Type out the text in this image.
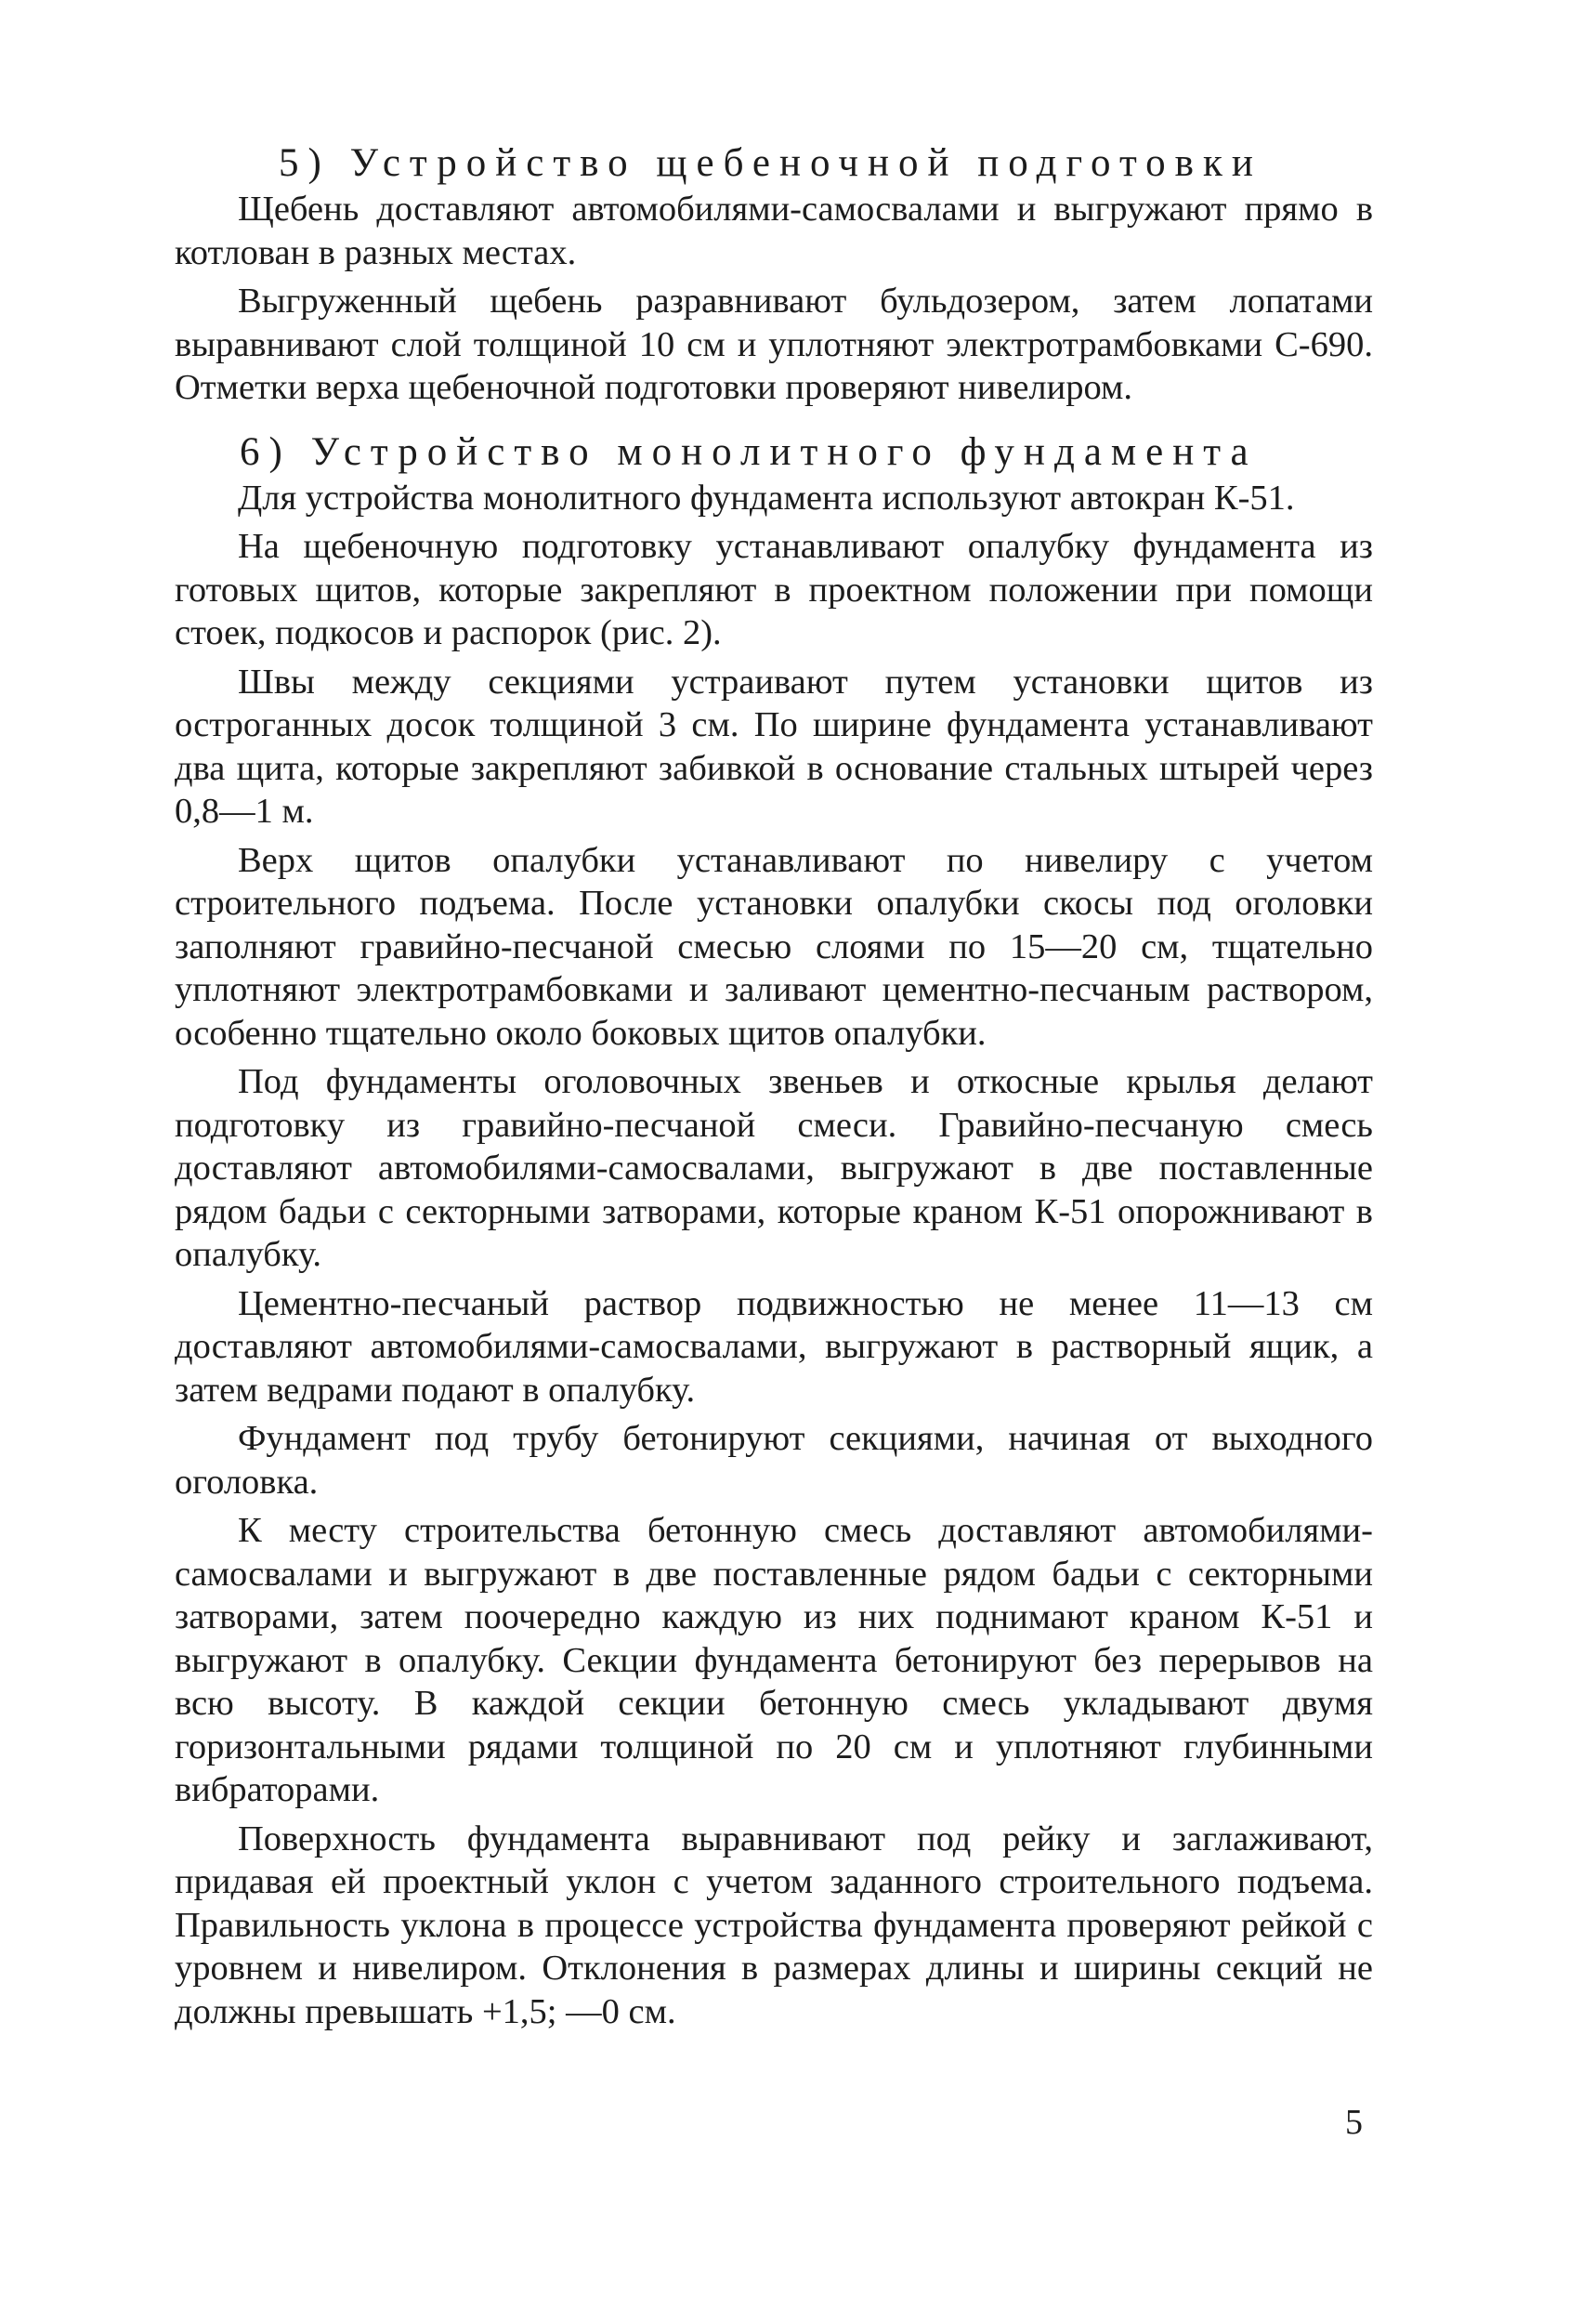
5) Устройство щебеночной подготовки

Щебень доставляют автомобилями-самосвалами и выгружают прямо в котлован в разных местах.

Выгруженный щебень разравнивают бульдозером, затем лопатами выравнивают слой толщиной 10 см и уплотняют электротрамбовками С-690. Отметки верха щебеночной подготовки проверяют нивелиром.

6) Устройство монолитного фундамента

Для устройства монолитного фундамента используют автокран К-51.

На щебеночную подготовку устанавливают опалубку фундамента из готовых щитов, которые закрепляют в проектном положении при помощи стоек, подкосов и распорок (рис. 2).

Швы между секциями устраивают путем установки щитов из острoганных досок толщиной 3 см. По ширине фундамента устанавливают два щита, которые закрепляют забивкой в основание стальных штырей через 0,8—1 м.

Верх щитов опалубки устанавливают по нивелиру с учетом строительного подъема. После установки опалубки скосы под оголовки заполняют гравийно-песчаной смесью слоями по 15—20 см, тщательно уплотняют электротрамбовками и заливают цементно-песчаным раствором, особенно тщательно около боковых щитов опалубки.

Под фундаменты оголовочных звеньев и откосные крылья делают подготовку из гравийно-песчаной смеси. Гравийно-песчаную смесь доставляют автомобилями-самосвалами, выгружают в две поставленные рядом бадьи с секторными затворами, которые краном К-51 опорожнивают в опалубку.

Цементно-песчаный раствор подвижностью не менее 11—13 см доставляют автомобилями-самосвалами, выгружают в растворный ящик, а затем ведрами подают в опалубку.

Фундамент под трубу бетонируют секциями, начиная от выходного оголовка.

К месту строительства бетонную смесь доставляют автомобилями-самосвалами и выгружают в две поставленные рядом бадьи с секторными затворами, затем поочередно каждую из них поднимают краном К-51 и выгружают в опалубку. Секции фундамента бетонируют без перерывов на всю высоту. В каждой секции бетонную смесь укладывают двумя горизонтальными рядами толщиной по 20 см и уплотняют глубинными вибраторами.

Поверхность фундамента выравнивают под рейку и заглаживают, придавая ей проектный уклон с учетом заданного строительного подъема. Правильность уклона в процессе устройства фундамента проверяют рейкой с уровнем и нивелиром. Отклонения в размерах длины и ширины секций не должны превышать +1,5; —0 см.

5
